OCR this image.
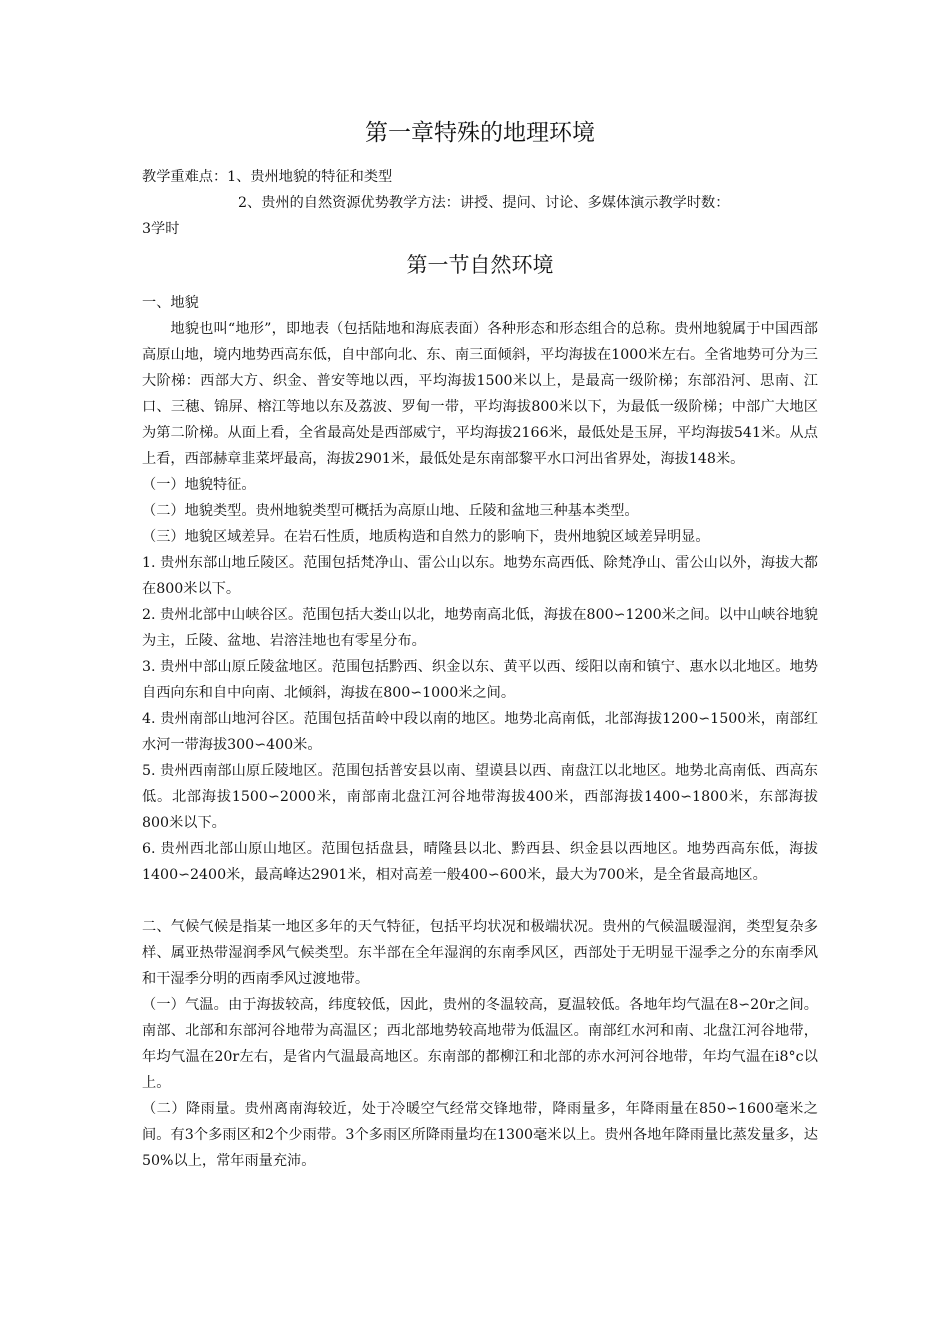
第一章特殊的地理环境

教学重难点：1、贵州地貌的特征和类型

2、贵州的自然资源优势教学方法：讲授、提问、讨论、多媒体演示教学时数：

3学时

第一节自然环境

一、地貌

地貌也叫“地形”，即地表（包括陆地和海底表面）各种形态和形态组合的总称。贵州地貌属于中国西部高原山地，境内地势西高东低，自中部向北、东、南三面倾斜，平均海拔在1000米左右。全省地势可分为三大阶梯：西部大方、织金、普安等地以西，平均海拔1500米以上，是最高一级阶梯；东部沿河、思南、江口、三穗、锦屏、榕江等地以东及荔波、罗甸一带，平均海拔800米以下，为最低一级阶梯；中部广大地区为第二阶梯。从面上看，全省最高处是西部威宁，平均海拔2166米，最低处是玉屏，平均海拔541米。从点上看，西部赫章韭菜坪最高，海拔2901米，最低处是东南部黎平水口河出省界处，海拔148米。

（一）地貌特征。

（二）地貌类型。贵州地貌类型可概括为高原山地、丘陵和盆地三种基本类型。

（三）地貌区域差异。在岩石性质，地质构造和自然力的影响下，贵州地貌区域差异明显。

1. 贵州东部山地丘陵区。范围包括梵净山、雷公山以东。地势东高西低、除梵净山、雷公山以外，海拔大都在800米以下。

2. 贵州北部中山峡谷区。范围包括大娄山以北，地势南高北低，海拔在800∽1200米之间。以中山峡谷地貌为主，丘陵、盆地、岩溶洼地也有零星分布。

3. 贵州中部山原丘陵盆地区。范围包括黔西、织金以东、黄平以西、绥阳以南和镇宁、惠水以北地区。地势自西向东和自中向南、北倾斜，海拔在800∽1000米之间。

4. 贵州南部山地河谷区。范围包括苗岭中段以南的地区。地势北高南低，北部海拔1200∽1500米，南部红水河一带海拔300∽400米。

5. 贵州西南部山原丘陵地区。范围包括普安县以南、望谟县以西、南盘江以北地区。地势北高南低、西高东低。北部海拔1500∽2000米，南部南北盘江河谷地带海拔400米，西部海拔1400∽1800米，东部海拔800米以下。

6. 贵州西北部山原山地区。范围包括盘县，晴隆县以北、黔西县、织金县以西地区。地势西高东低，海拔1400∽2400米，最高峰达2901米，相对高差一般400∽600米，最大为700米，是全省最高地区。

二、气候气候是指某一地区多年的天气特征，包括平均状况和极端状况。贵州的气候温暖湿润，类型复杂多样、属亚热带湿润季风气候类型。东半部在全年湿润的东南季风区，西部处于无明显干湿季之分的东南季风和干湿季分明的西南季风过渡地带。

（一）气温。由于海拔较高，纬度较低，因此，贵州的冬温较高，夏温较低。各地年均气温在8∽20r之间。南部、北部和东部河谷地带为高温区；西北部地势较高地带为低温区。南部红水河和南、北盘江河谷地带，年均气温在20r左右，是省内气温最高地区。东南部的都柳江和北部的赤水河河谷地带，年均气温在i8°c以上。

（二）降雨量。贵州离南海较近，处于冷暖空气经常交锋地带，降雨量多，年降雨量在850∽1600毫米之间。有3个多雨区和2个少雨带。3个多雨区所降雨量均在1300毫米以上。贵州各地年降雨量比蒸发量多，达50%以上，常年雨量充沛。
